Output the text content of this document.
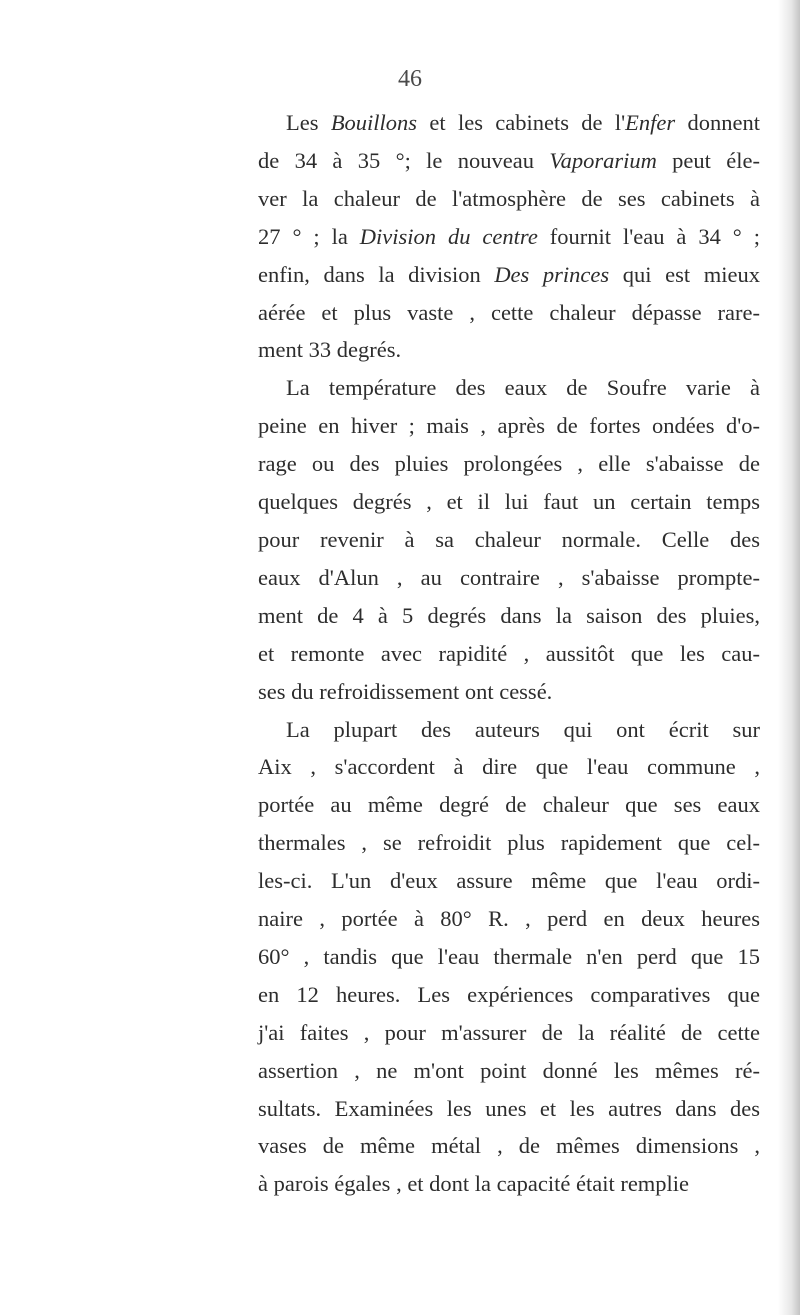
46

Les Bouillons et les cabinets de l'Enfer donnent
de 34 à 35 °; le nouveau Vaporarium peut éle-
ver la chaleur de l'atmosphère de ses cabinets à
27 ° ; la Division du centre fournit l'eau à 34 ° ;
enfin, dans la division Des princes qui est mieux
aérée et plus vaste , cette chaleur dépasse rare-
ment 33 degrés.

La température des eaux de Soufre varie à
peine en hiver ; mais , après de fortes ondées d'o-
rage ou des pluies prolongées , elle s'abaisse de
quelques degrés , et il lui faut un certain temps
pour revenir à sa chaleur normale. Celle des
eaux d'Alun , au contraire , s'abaisse prompte-
ment de 4 à 5 degrés dans la saison des pluies,
et remonte avec rapidité , aussitôt que les cau-
ses du refroidissement ont cessé.

La plupart des auteurs qui ont écrit sur
Aix , s'accordent à dire que l'eau commune ,
portée au même degré de chaleur que ses eaux
thermales , se refroidit plus rapidement que cel-
les-ci. L'un d'eux assure même que l'eau ordi-
naire , portée à 80° R. , perd en deux heures
60° , tandis que l'eau thermale n'en perd que 15
en 12 heures. Les expériences comparatives que
j'ai faites , pour m'assurer de la réalité de cette
assertion , ne m'ont point donné les mêmes ré-
sultats. Examinées les unes et les autres dans des
vases de même métal , de mêmes dimensions ,
à parois égales , et dont la capacité était remplie
